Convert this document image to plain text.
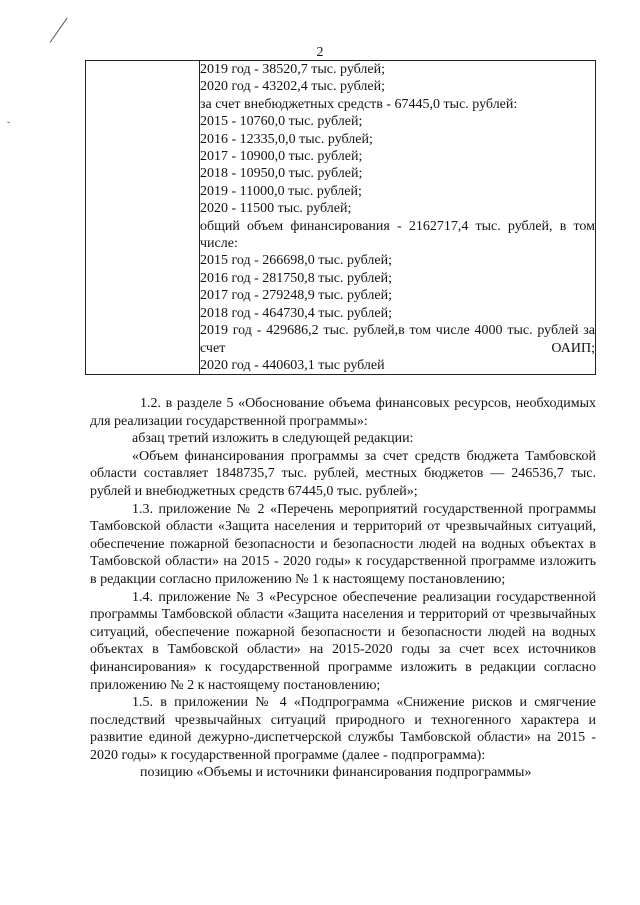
ˇ
2

2019 год - 38520,7 тыс. рублей;
2020 год - 43202,4 тыс. рублей;
за счет внебюджетных средств - 67445,0 тыс. рублей:
2015 - 10760,0 тыс. рублей;
2016 - 12335,0,0 тыс. рублей;
2017 - 10900,0 тыс. рублей;
2018 - 10950,0 тыс. рублей;
2019 - 11000,0 тыс. рублей;
2020 - 11500 тыс. рублей;
общий объем финансирования - 2162717,4 тыс. рублей, в том числе:
2015 год - 266698,0 тыс. рублей;
2016 год - 281750,8 тыс. рублей;
2017 год - 279248,9 тыс. рублей;
2018 год - 464730,4 тыс. рублей;
2019 год - 429686,2 тыс. рублей,в том числе 4000 тыс. рублей за счет ОАИП;
2020 год - 440603,1 тыс рублей

1.2. в разделе 5 «Обоснование объема финансовых ресурсов, необходимых для реализации государственной программы»:

абзац третий изложить в следующей редакции:

«Объем финансирования программы за счет средств бюджета Тамбовской области составляет 1848735,7 тыс. рублей, местных бюджетов — 246536,7 тыс. рублей и внебюджетных средств 67445,0 тыс. рублей»;

1.3. приложение № 2 «Перечень мероприятий государственной программы Тамбовской области «Защита населения и территорий от чрезвычайных ситуаций, обеспечение пожарной безопасности и безопасности людей на водных объектах в Тамбовской области» на 2015 - 2020 годы» к государственной программе изложить в редакции согласно приложению № 1 к настоящему постановлению;

1.4. приложение № 3 «Ресурсное обеспечение реализации государственной программы Тамбовской области «Защита населения и территорий от чрезвычайных ситуаций, обеспечение пожарной безопасности и безопасности людей на водных объектах в Тамбовской области» на 2015-2020 годы за счет всех источников финансирования» к государственной программе изложить в редакции согласно приложению № 2 к настоящему постановлению;

1.5. в приложении № 4 «Подпрограмма «Снижение рисков и смягчение последствий чрезвычайных ситуаций природного и техногенного характера и развитие единой дежурно-диспетчерской службы Тамбовской области» на 2015 - 2020 годы» к государственной программе (далее - подпрограмма):

позицию «Объемы и источники финансирования подпрограммы»
